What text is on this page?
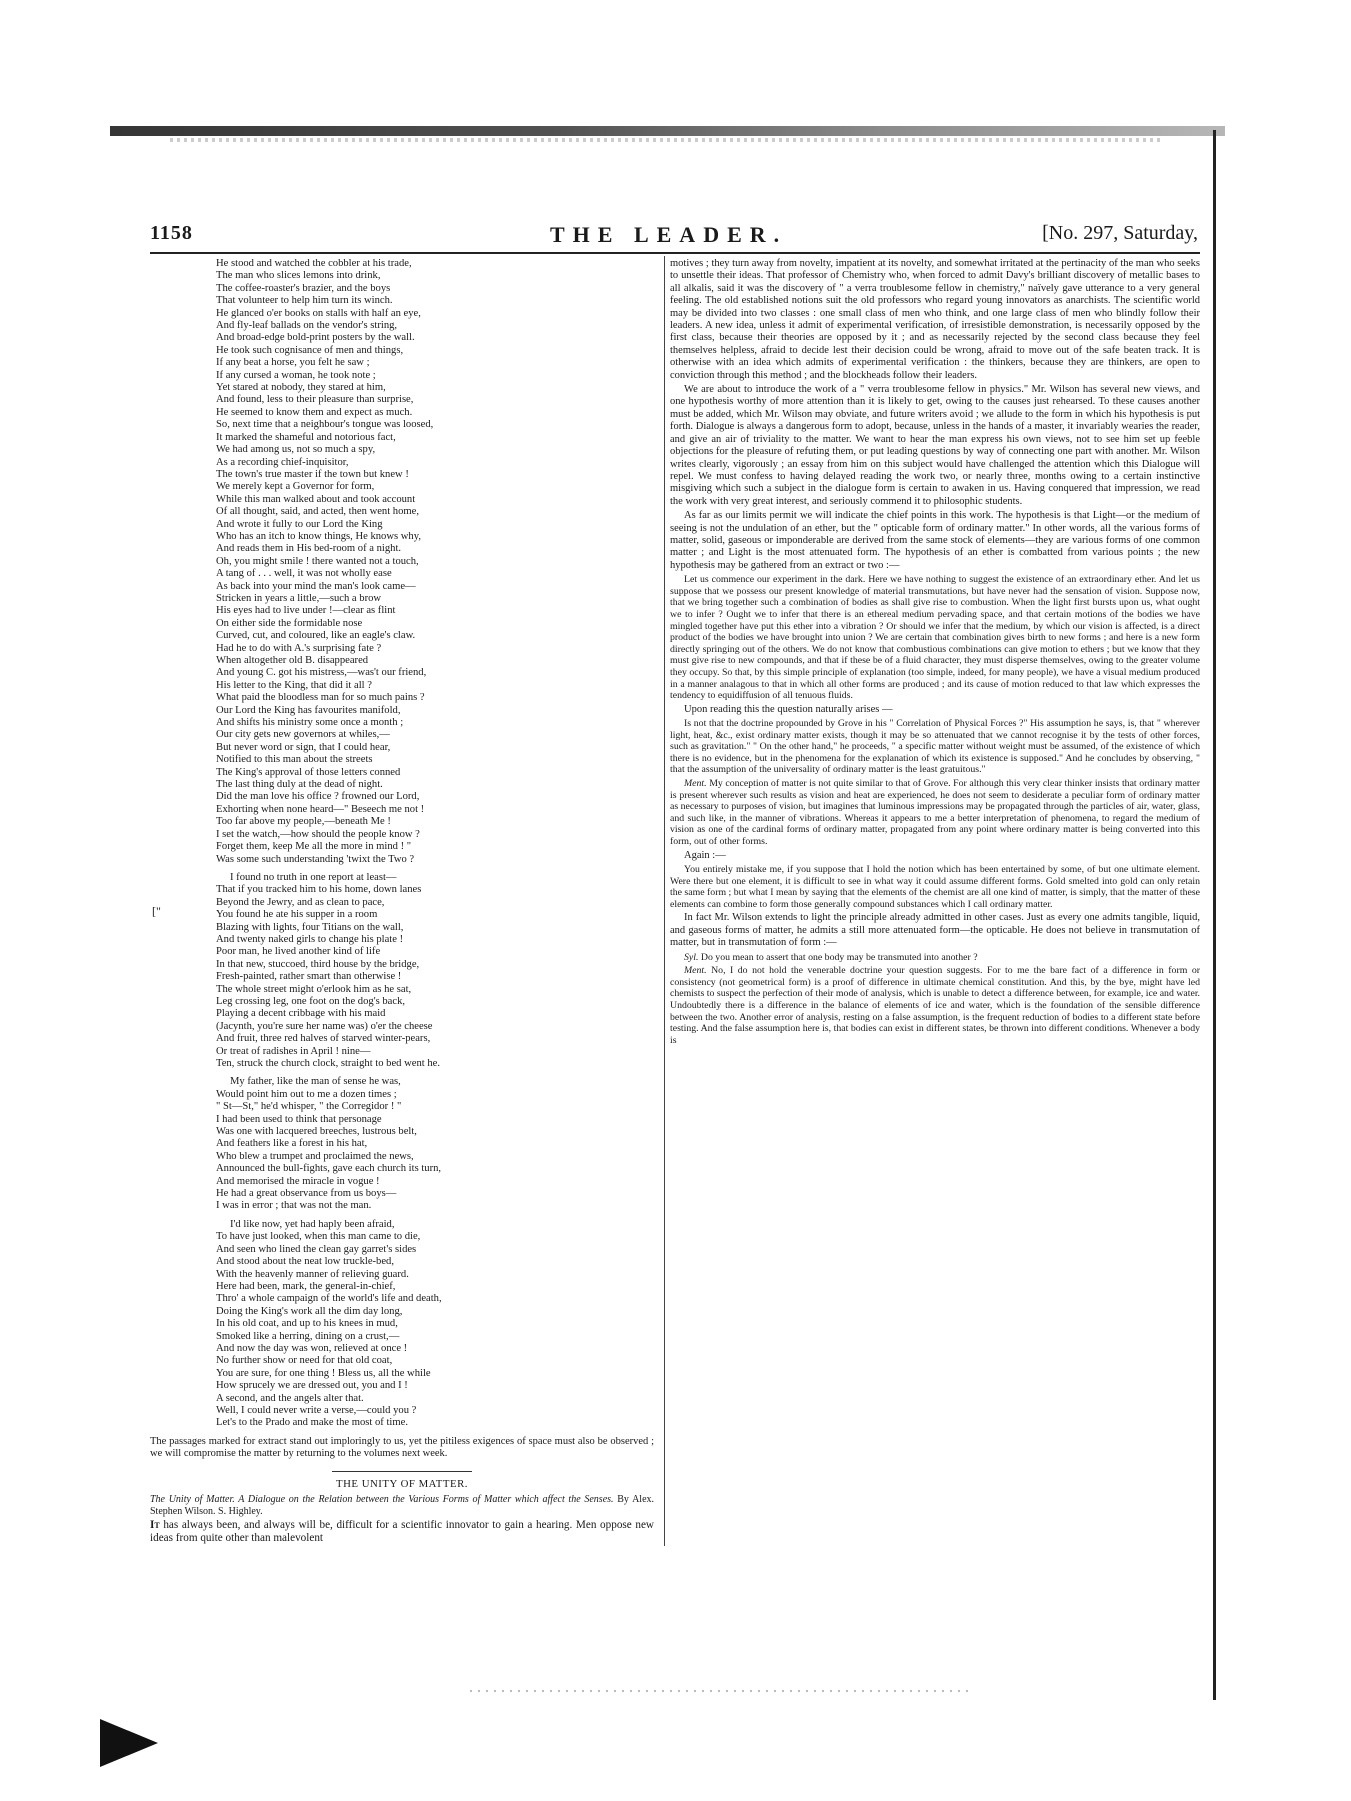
1158	THE LEADER.	[No. 297, Saturday,
He stood and watched the cobbler at his trade,
The man who slices lemons into drink,
The coffee-roaster's brazier, and the boys
That volunteer to help him turn its winch.
He glanced o'er books on stalls with half an eye,
And fly-leaf ballads on the vendor's string,
And broad-edge bold-print posters by the wall.
He took such cognisance of men and things,
If any beat a horse, you felt he saw ;
If any cursed a woman, he took note ;
Yet stared at nobody, they stared at him,
And found, less to their pleasure than surprise,
He seemed to know them and expect as much.
So, next time that a neighbour's tongue was loosed,
It marked the shameful and notorious fact,
We had among us, not so much a spy,
As a recording chief-inquisitor,
The town's true master if the town but knew !
We merely kept a Governor for form,
While this man walked about and took account
Of all thought, said, and acted, then went home,
And wrote it fully to our Lord the King
Who has an itch to know things, He knows why,
And reads them in His bed-room of a night.
Oh, you might smile ! there wanted not a touch,
A tang of . . . well, it was not wholly ease
As back into your mind the man's look came—
Stricken in years a little,—such a brow
His eyes had to live under !—clear as flint
On either side the formidable nose
Curved, cut, and coloured, like an eagle's claw.
Had he to do with A.'s surprising fate ?
When altogether old B. disappeared
And young C. got his mistress,—was't our friend,
His letter to the King, that did it all ?
What paid the bloodless man for so much pains ?
Our Lord the King has favourites manifold,
And shifts his ministry some once a month ;
Our city gets new governors at whiles,—
But never word or sign, that I could hear,
Notified to this man about the streets
The King's approval of those letters conned
The last thing duly at the dead of night.
Did the man love his office ? frowned our Lord,
Exhorting when none heard—" Beseech me not !
Too far above my people,—beneath Me !
I set the watch,—how should the people know ?
Forget them, keep Me all the more in mind ! "
Was some such understanding 'twixt the Two ?
I found no truth in one report at least—
That if you tracked him to his home, down lanes
Beyond the Jewry, and as clean to pace,
You found he ate his supper in a room
Blazing with lights, four Titians on the wall,
And twenty naked girls to change his plate !
Poor man, he lived another kind of life
In that new, stuccoed, third house by the bridge,
Fresh-painted, rather smart than otherwise !
The whole street might o'erlook him as he sat,
Leg crossing leg, one foot on the dog's back,
Playing a decent cribbage with his maid
(Jacynth, you're sure her name was) o'er the cheese
And fruit, three red halves of starved winter-pears,
Or treat of radishes in April ! nine—
Ten, struck the church clock, straight to bed went he.
My father, like the man of sense he was,
Would point him out to me a dozen times ;
" St—St," he'd whisper, " the Corregidor ! "
I had been used to think that personage
Was one with lacquered breeches, lustrous belt,
And feathers like a forest in his hat,
Who blew a trumpet and proclaimed the news,
Announced the bull-fights, gave each church its turn,
And memorised the miracle in vogue !
He had a great observance from us boys—
I was in error ; that was not the man.
I'd like now, yet had haply been afraid,
To have just looked, when this man came to die,
And seen who lined the clean gay garret's sides
And stood about the neat low truckle-bed,
With the heavenly manner of relieving guard.
Here had been, mark, the general-in-chief,
Thro' a whole campaign of the world's life and death,
Doing the King's work all the dim day long,
In his old coat, and up to his knees in mud,
Smoked like a herring, dining on a crust,—
And now the day was won, relieved at once !
No further show or need for that old coat,
You are sure, for one thing ! Bless us, all the while
How sprucely we are dressed out, you and I !
A second, and the angels alter that.
Well, I could never write a verse,—could you ?
Let's to the Prado and make the most of time.

The passages marked for extract stand out imploringly to us, yet the pitiless exigences of space must also be observed ; we will compromise the matter by returning to the volumes next week.

THE UNITY OF MATTER.

The Unity of Matter. A Dialogue on the Relation between the Various Forms of Matter which affect the Senses. By Alex. Stephen Wilson. S. Highley.

It has always been, and always will be, difficult for a scientific innovator to gain a hearing. Men oppose new ideas from quite other than malevolent

["

motives ; they turn away from novelty, impatient at its novelty, and somewhat irritated at the pertinacity of the man who seeks to unsettle their ideas. That professor of Chemistry who, when forced to admit Davy's brilliant discovery of metallic bases to all alkalis, said it was the discovery of " a verra troublesome fellow in chemistry," naïvely gave utterance to a very general feeling. The old established notions suit the old professors who regard young innovators as anarchists. The scientific world may be divided into two classes : one small class of men who think, and one large class of men who blindly follow their leaders. A new idea, unless it admit of experimental verification, of irresistible demonstration, is necessarily opposed by the first class, because their theories are opposed by it ; and as necessarily rejected by the second class because they feel themselves helpless, afraid to decide lest their decision could be wrong, afraid to move out of the safe beaten track. It is otherwise with an idea which admits of experimental verification : the thinkers, because they are thinkers, are open to conviction through this method ; and the blockheads follow their leaders.

We are about to introduce the work of a " verra troublesome fellow in physics." Mr. Wilson has several new views, and one hypothesis worthy of more attention than it is likely to get, owing to the causes just rehearsed. To these causes another must be added, which Mr. Wilson may obviate, and future writers avoid ; we allude to the form in which his hypothesis is put forth. Dialogue is always a dangerous form to adopt, because, unless in the hands of a master, it invariably wearies the reader, and give an air of triviality to the matter. We want to hear the man express his own views, not to see him set up feeble objections for the pleasure of refuting them, or put leading questions by way of connecting one part with another. Mr. Wilson writes clearly, vigorously ; an essay from him on this subject would have challenged the attention which this Dialogue will repel. We must confess to having delayed reading the work two, or nearly three, months owing to a certain instinctive misgiving which such a subject in the dialogue form is certain to awaken in us. Having conquered that impression, we read the work with very great interest, and seriously commend it to philosophic students.

As far as our limits permit we will indicate the chief points in this work. The hypothesis is that Light—or the medium of seeing is not the undulation of an ether, but the " opticable form of ordinary matter." In other words, all the various forms of matter, solid, gaseous or imponderable are derived from the same stock of elements—they are various forms of one common matter ; and Light is the most attenuated form. The hypothesis of an ether is combatted from various points ; the new hypothesis may be gathered from an extract or two :—

Let us commence our experiment in the dark. Here we have nothing to suggest the existence of an extraordinary ether. And let us suppose that we possess our present knowledge of material transmutations, but have never had the sensation of vision. Suppose now, that we bring together such a combination of bodies as shall give rise to combustion. When the light first bursts upon us, what ought we to infer ? Ought we to infer that there is an ethereal medium pervading space, and that certain motions of the bodies we have mingled together have put this ether into a vibration ? Or should we infer that the medium, by which our vision is affected, is a direct product of the bodies we have brought into union ? We are certain that combination gives birth to new forms ; and here is a new form directly springing out of the others. We do not know that combustious combinations can give motion to ethers ; but we know that they must give rise to new compounds, and that if these be of a fluid character, they must disperse themselves, owing to the greater volume they occupy. So that, by this simple principle of explanation (too simple, indeed, for many people), we have a visual medium produced in a manner analagous to that in which all other forms are produced ; and its cause of motion reduced to that law which expresses the tendency to equidiffusion of all tenuous fluids.

Upon reading this the question naturally arises —

Is not that the doctrine propounded by Grove in his " Correlation of Physical Forces ?" His assumption he says, is, that " wherever light, heat, &c., exist ordinary matter exists, though it may be so attenuated that we cannot recognise it by the tests of other forces, such as gravitation." " On the other hand," he proceeds, " a specific matter without weight must be assumed, of the existence of which there is no evidence, but in the phenomena for the explanation of which its existence is supposed." And he concludes by observing, " that the assumption of the universality of ordinary matter is the least gratuitous."

Ment. My conception of matter is not quite similar to that of Grove. For although this very clear thinker insists that ordinary matter is present wherever such results as vision and heat are experienced, he does not seem to desiderate a peculiar form of ordinary matter as necessary to purposes of vision, but imagines that luminous impressions may be propagated through the particles of air, water, glass, and such like, in the manner of vibrations. Whereas it appears to me a better interpretation of phenomena, to regard the medium of vision as one of the cardinal forms of ordinary matter, propagated from any point where ordinary matter is being converted into this form, out of other forms.

Again :—

You entirely mistake me, if you suppose that I hold the notion which has been entertained by some, of but one ultimate element. Were there but one element, it is difficult to see in what way it could assume different forms. Gold smelted into gold can only retain the same form ; but what I mean by saying that the elements of the chemist are all one kind of matter, is simply, that the matter of these elements can combine to form those generally compound substances which I call ordinary matter.

In fact Mr. Wilson extends to light the principle already admitted in other cases. Just as every one admits tangible, liquid, and gaseous forms of matter, he admits a still more attenuated form—the opticable. He does not believe in transmutation of matter, but in transmutation of form :—

Syl. Do you mean to assert that one body may be transmuted into another ?

Ment. No, I do not hold the venerable doctrine your question suggests. For to me the bare fact of a difference in form or consistency (not geometrical form) is a proof of difference in ultimate chemical constitution. And this, by the bye, might have led chemists to suspect the perfection of their mode of analysis, which is unable to detect a difference between, for example, ice and water. Undoubtedly there is a difference in the balance of elements of ice and water, which is the foundation of the sensible difference between the two. Another error of analysis, resting on a false assumption, is the frequent reduction of bodies to a different state before testing. And the false assumption here is, that bodies can exist in different states, be thrown into different conditions. Whenever a body is
